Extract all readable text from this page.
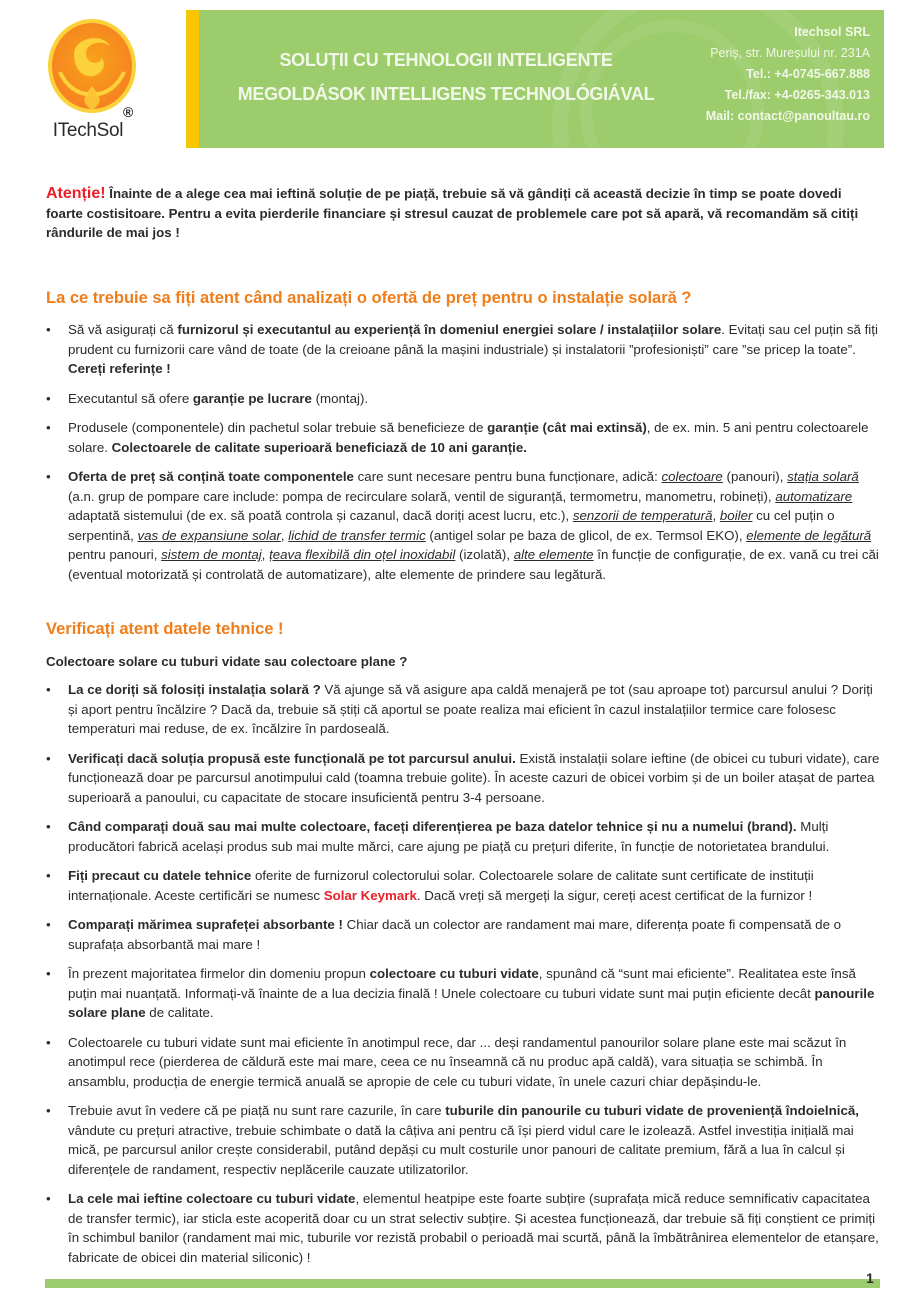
®
ITechSol
SOLUȚII CU TEHNOLOGII INTELIGENTE
MEGOLDÁSOK INTELLIGENS TECHNOLÓGIÁVAL
Itechsol SRL
Periș, str. Mureșului nr. 231A
Tel.: +4-0745-667.888
Tel./fax: +4-0265-343.013
Mail: contact@panoultau.ro

Atenție! Înainte de a alege cea mai ieftină soluție de pe piață, trebuie să vă gândiți că această decizie în timp se poate dovedi foarte costisitoare. Pentru a evita pierderile financiare și stresul cauzat de problemele care pot să apară, vă recomandăm să citiți rândurile de mai jos !

La ce trebuie sa fiți atent când analizați o ofertă de preț pentru o instalație solară ?
• Să vă asigurați că furnizorul și executantul au experiență în domeniul energiei solare / instalațiilor solare. Evitați sau cel puțin să fiți prudent cu furnizorii care vând de toate (de la creioane până la mașini industriale) și instalatorii ”profesioniști” care ”se pricep la toate”. Cereți referințe !
• Executantul să ofere garanție pe lucrare (montaj).
• Produsele (componentele) din pachetul solar trebuie să beneficieze de garanție (cât mai extinsă), de ex. min. 5 ani pentru colectoarele solare. Colectoarele de calitate superioară beneficiază de 10 ani garanție.
• Oferta de preț să conțină toate componentele care sunt necesare pentru buna funcționare, adică: colectoare (panouri), stația solară (a.n. grup de pompare care include: pompa de recirculare solară, ventil de siguranță, termometru, manometru, robineți), automatizare adaptată sistemului (de ex. să poată controla și cazanul, dacă doriți acest lucru, etc.), senzorii de temperatură, boiler cu cel puțin o serpentină, vas de expansiune solar, lichid de transfer termic (antigel solar pe baza de glicol, de ex. Termsol EKO), elemente de legătură pentru panouri, sistem de montaj, țeava flexibilă din oțel inoxidabil (izolată), alte elemente în funcție de configurație, de ex. vană cu trei căi (eventual motorizată și controlată de automatizare), alte elemente de prindere sau legătură.
Verificați atent datele tehnice !
Colectoare solare cu tuburi vidate sau colectoare plane ?
• La ce doriți să folosiți instalația solară ? Vă ajunge să vă asigure apa caldă menajeră pe tot (sau aproape tot) parcursul anului ? Doriți și aport pentru încălzire ? Dacă da, trebuie să știți că aportul se poate realiza mai eficient în cazul instalațiilor termice care folosesc temperaturi mai reduse, de ex. încălzire în pardoseală.
• Verificați dacă soluția propusă este funcțională pe tot parcursul anului. Există instalații solare ieftine (de obicei cu tuburi vidate), care funcționează doar pe parcursul anotimpului cald (toamna trebuie golite). În aceste cazuri de obicei vorbim și de un boiler atașat de partea superioară a panoului, cu capacitate de stocare insuficientă pentru 3-4 persoane.
• Când comparați două sau mai multe colectoare, faceți diferențierea pe baza datelor tehnice și nu a numelui (brand). Mulți producători fabrică același produs sub mai multe mărci, care ajung pe piață cu prețuri diferite, în funcție de notorietatea brandului.
• Fiți precaut cu datele tehnice oferite de furnizorul colectorului solar. Colectoarele solare de calitate sunt certificate de instituții internaționale. Aceste certificări se numesc Solar Keymark. Dacă vreți să mergeți la sigur, cereți acest certificat de la furnizor !
• Comparați mărimea suprafeței absorbante ! Chiar dacă un colector are randament mai mare, diferența poate fi compensată de o suprafața absorbantă mai mare !
• În prezent majoritatea firmelor din domeniu propun colectoare cu tuburi vidate, spunând că “sunt mai eficiente”. Realitatea este însă puțin mai nuanțată. Informați-vă înainte de a lua decizia finală ! Unele colectoare cu tuburi vidate sunt mai puțin eficiente decât panourile solare plane de calitate.
• Colectoarele cu tuburi vidate sunt mai eficiente în anotimpul rece, dar ... deși randamentul panourilor solare plane este mai scăzut în anotimpul rece (pierderea de căldură este mai mare, ceea ce nu înseamnă că nu produc apă caldă), vara situația se schimbă. În ansamblu, producția de energie termică anuală se apropie de cele cu tuburi vidate, în unele cazuri chiar depășindu-le.
• Trebuie avut în vedere că pe piață nu sunt rare cazurile, în care tuburile din panourile cu tuburi vidate de proveniență îndoielnică, vândute cu prețuri atractive, trebuie schimbate o dată la câțiva ani pentru că își pierd vidul care le izolează. Astfel investiția inițială mai mică, pe parcursul anilor crește considerabil, putând depăși cu mult costurile unor panouri de calitate premium, fără a lua în calcul și diferențele de randament, respectiv neplăcerile cauzate utilizatorilor.
• La cele mai ieftine colectoare cu tuburi vidate, elementul heatpipe este foarte subțire (suprafața mică reduce semnificativ capacitatea de transfer termic), iar sticla este acoperită doar cu un strat selectiv subțire. Și acestea funcționează, dar trebuie să fiți conștient ce primiți în schimbul banilor (randament mai mic, tuburile vor rezistă probabil o perioadă mai scurtă, până la îmbătrânirea elementelor de etanșare, fabricate de obicei din material siliconic) !
1
